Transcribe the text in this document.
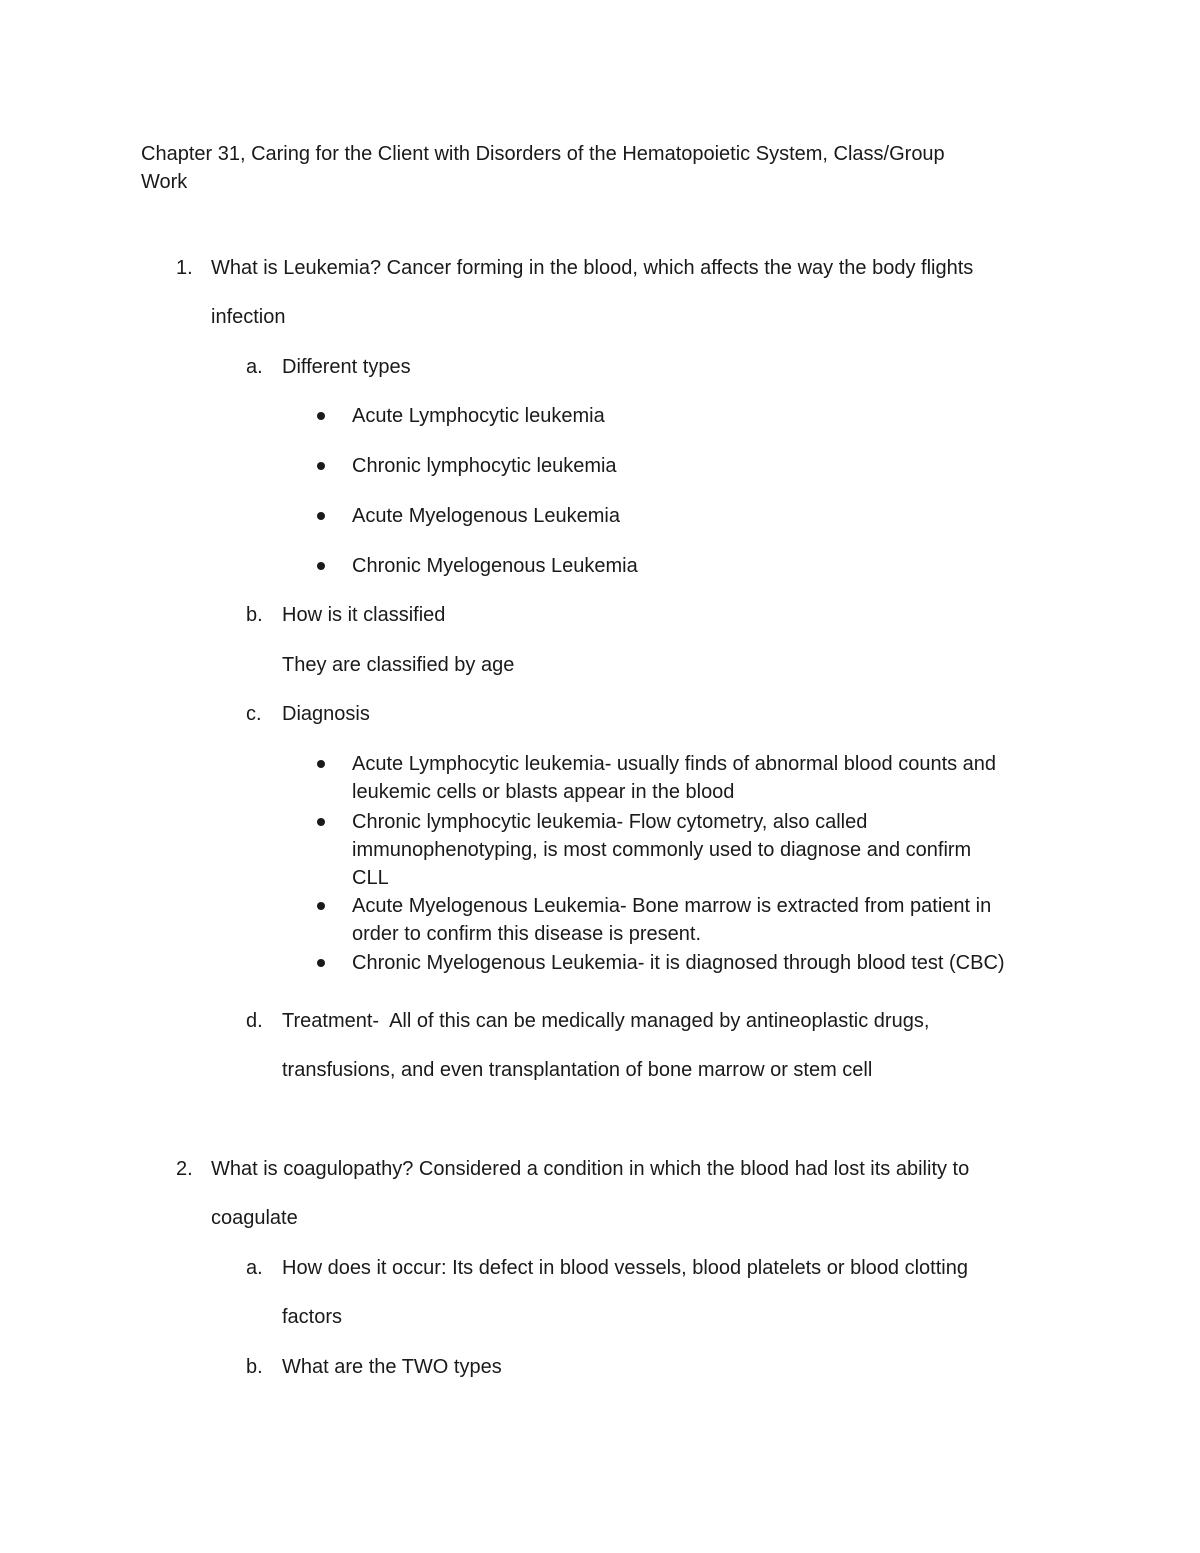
Chapter 31, Caring for the Client with Disorders of the Hematopoietic System, Class/Group
Work
1. What is Leukemia? Cancer forming in the blood, which affects the way the body flights
infection
a. Different types
Acute Lymphocytic leukemia
Chronic lymphocytic leukemia
Acute Myelogenous Leukemia
Chronic Myelogenous Leukemia
b. How is it classified
They are classified by age
c. Diagnosis
Acute Lymphocytic leukemia- usually finds of abnormal blood counts and
leukemic cells or blasts appear in the blood
Chronic lymphocytic leukemia- Flow cytometry, also called
immunophenotyping, is most commonly used to diagnose and confirm
CLL
Acute Myelogenous Leukemia- Bone marrow is extracted from patient in
order to confirm this disease is present.
Chronic Myelogenous Leukemia- it is diagnosed through blood test (CBC)
d. Treatment-  All of this can be medically managed by antineoplastic drugs,
transfusions, and even transplantation of bone marrow or stem cell
2. What is coagulopathy? Considered a condition in which the blood had lost its ability to
coagulate
a. How does it occur: Its defect in blood vessels, blood platelets or blood clotting
factors
b. What are the TWO types
